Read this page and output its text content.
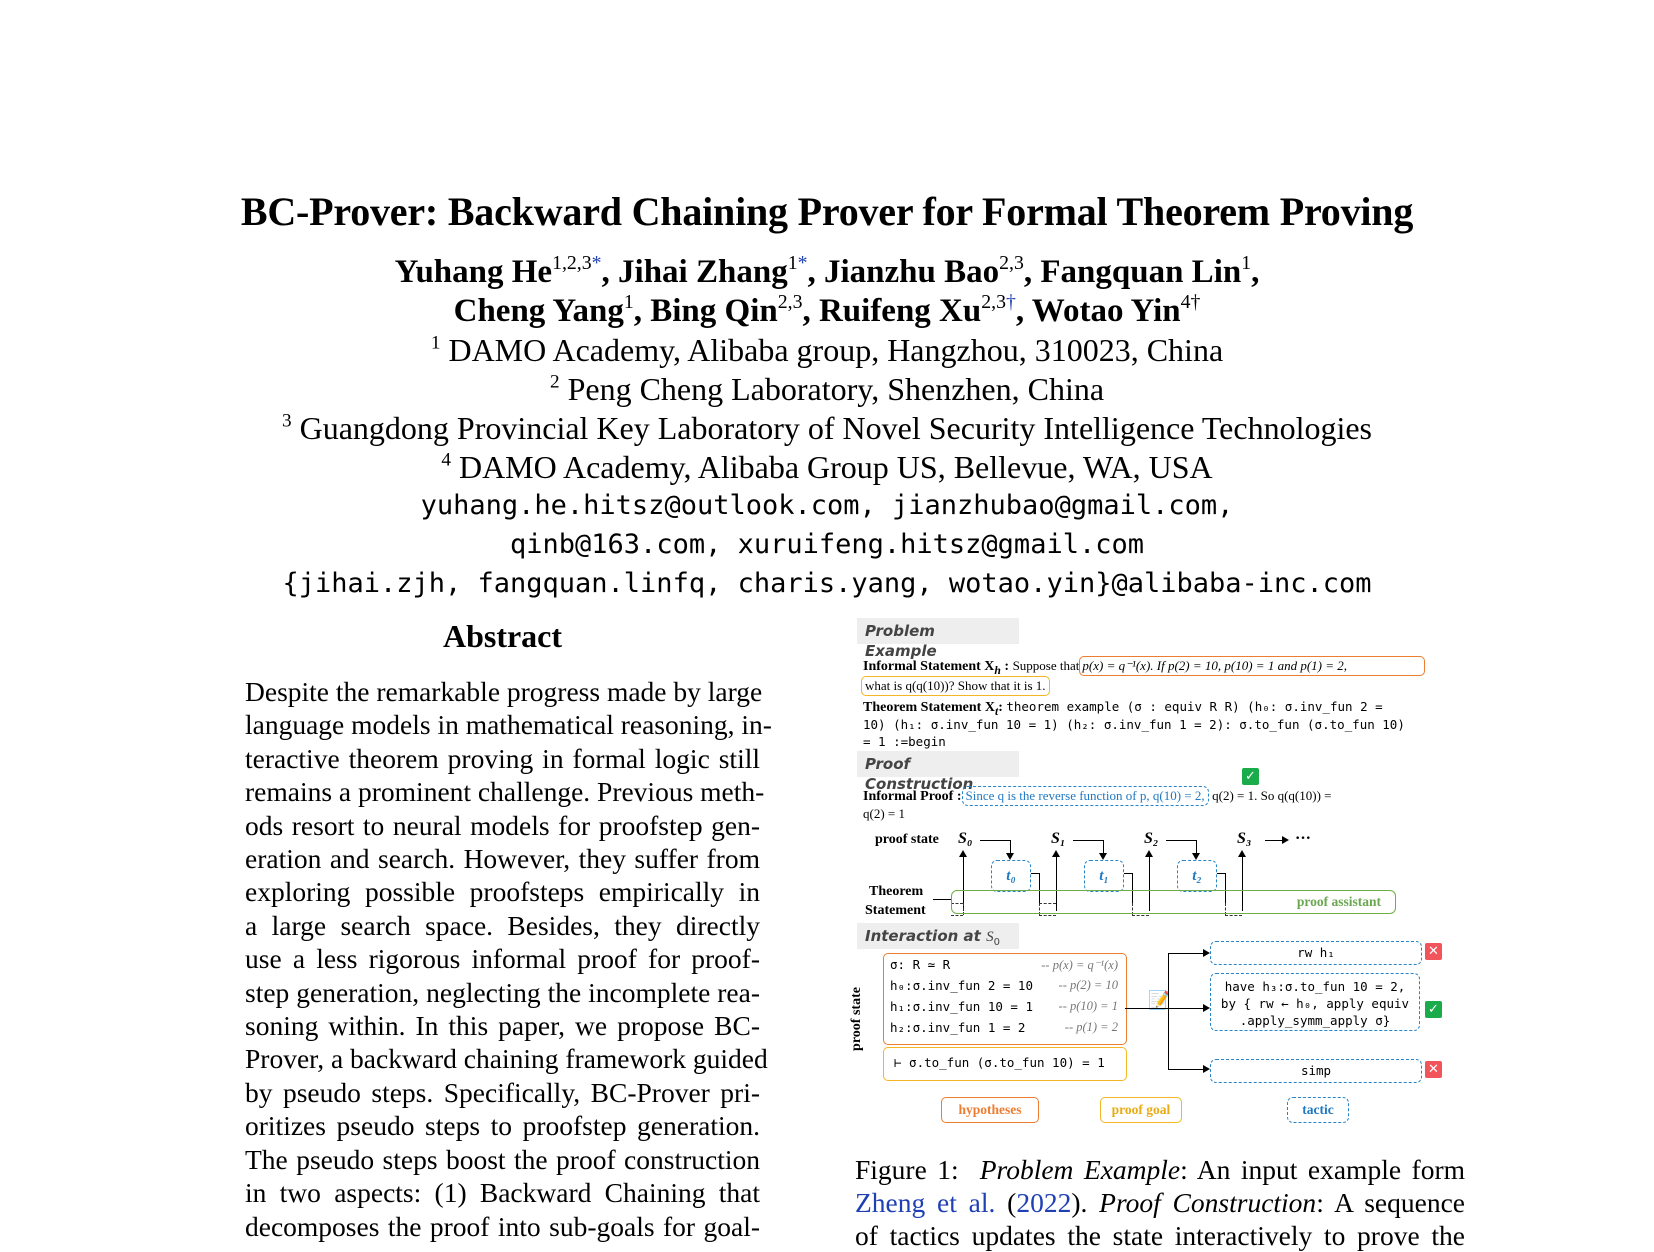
BC-Prover: Backward Chaining Prover for Formal Theorem Proving
Yuhang $He^{1,2,3*}$, Jihai Zhang$^{1*}$, Jianzhu Bao$^{2,3}$, Fangquan Lin$^1$,
Cheng Yang$^1$, Bing Qin$^{2,3}$, Ruifeng $Xu^{2,3\dagger}$, Wotao Yin$^{4\dagger}$
$^1$ DAMO Academy, Alibaba group, Hangzhou, 310023, China
$^2$ Peng Cheng Laboratory, Shenzhen, China
$^3$ Guangdong Provincial Key Laboratory of Novel Security Intelligence Technologies
$^4$ DAMO Academy, Alibaba Group US, Bellevue, WA, USA
yuhang.he.hitsz@outlook.com, jianzhubao@gmail.com,
qinb@163.com, xuruifeng.hitsz@gmail.com
{jihai.zjh, fangquan.linfq, charis.yang, wotao.yin}@alibaba-inc.com
Abstract
Despite the remarkable progress made by large
language models in mathematical reasoning, in-
teractive theorem proving in formal logic still
remains a prominent challenge. Previous meth-
ods resort to neural models for proofstep gen-
eration and search. However, they suffer from
exploring possible proofsteps empirically in
a large search space. Besides, they directly
use a less rigorous informal proof for proof-
step generation, neglecting the incomplete rea-
soning within. In this paper, we propose BC-
Prover, a backward chaining framework guided
by pseudo steps. Specifically, BC-Prover pri-
oritizes pseudo steps to proofstep generation.
The pseudo steps boost the proof construction
in two aspects: (1) Backward Chaining that
decomposes the proof into sub-goals for goal-
Problem Example
Informal Statement $X_h$ : Suppose that p(x) = q⁻¹(x). If p(2) = 10, p(10) = 1 and p(1) = 2,
what is q(q(10))? Show that it is 1.
Theorem Statement $X_t$: theorem example (σ : equiv R R) (h₀: σ.inv_fun 2 =
10) (h₁: σ.inv_fun 10 = 1) (h₂: σ.inv_fun 1 = 2): σ.to_fun (σ.to_fun 10)
= 1 :=begin
Proof Construction
Informal Proof : Since q is the reverse function of p, q(10) = 2, q(2) = 1. So q(q(10)) =
✓
q(2) = 1
proof state S₀	S₁	S₂	S₃	···
t₀	t₁	t₂
Theorem
Statement
proof assistant
Interaction at $S_0$
proof state
σ: R ≃ R	-- p(x) = q⁻¹(x)
h₀:σ.inv_fun 2 = 10 -- p(2) = 10
h₁:σ.inv_fun 10 = 1 -- p(10) = 1
h₂:σ.inv_fun 1 = 2	-- p(1) = 2
⊢ σ.to_fun (σ.to_fun 10) = 1
📝
rw h₁	✕
have h₃:σ.to_fun 10 = 2,
by { rw ← h₀, apply equiv
.apply_symm_apply σ}
✓
simp	✕
hypotheses	proof goal	tactic
Figure 1: Problem Example: An input example form
Zheng et al. (2022). Proof Construction: A sequence
of tactics updates the state interactively to prove the
